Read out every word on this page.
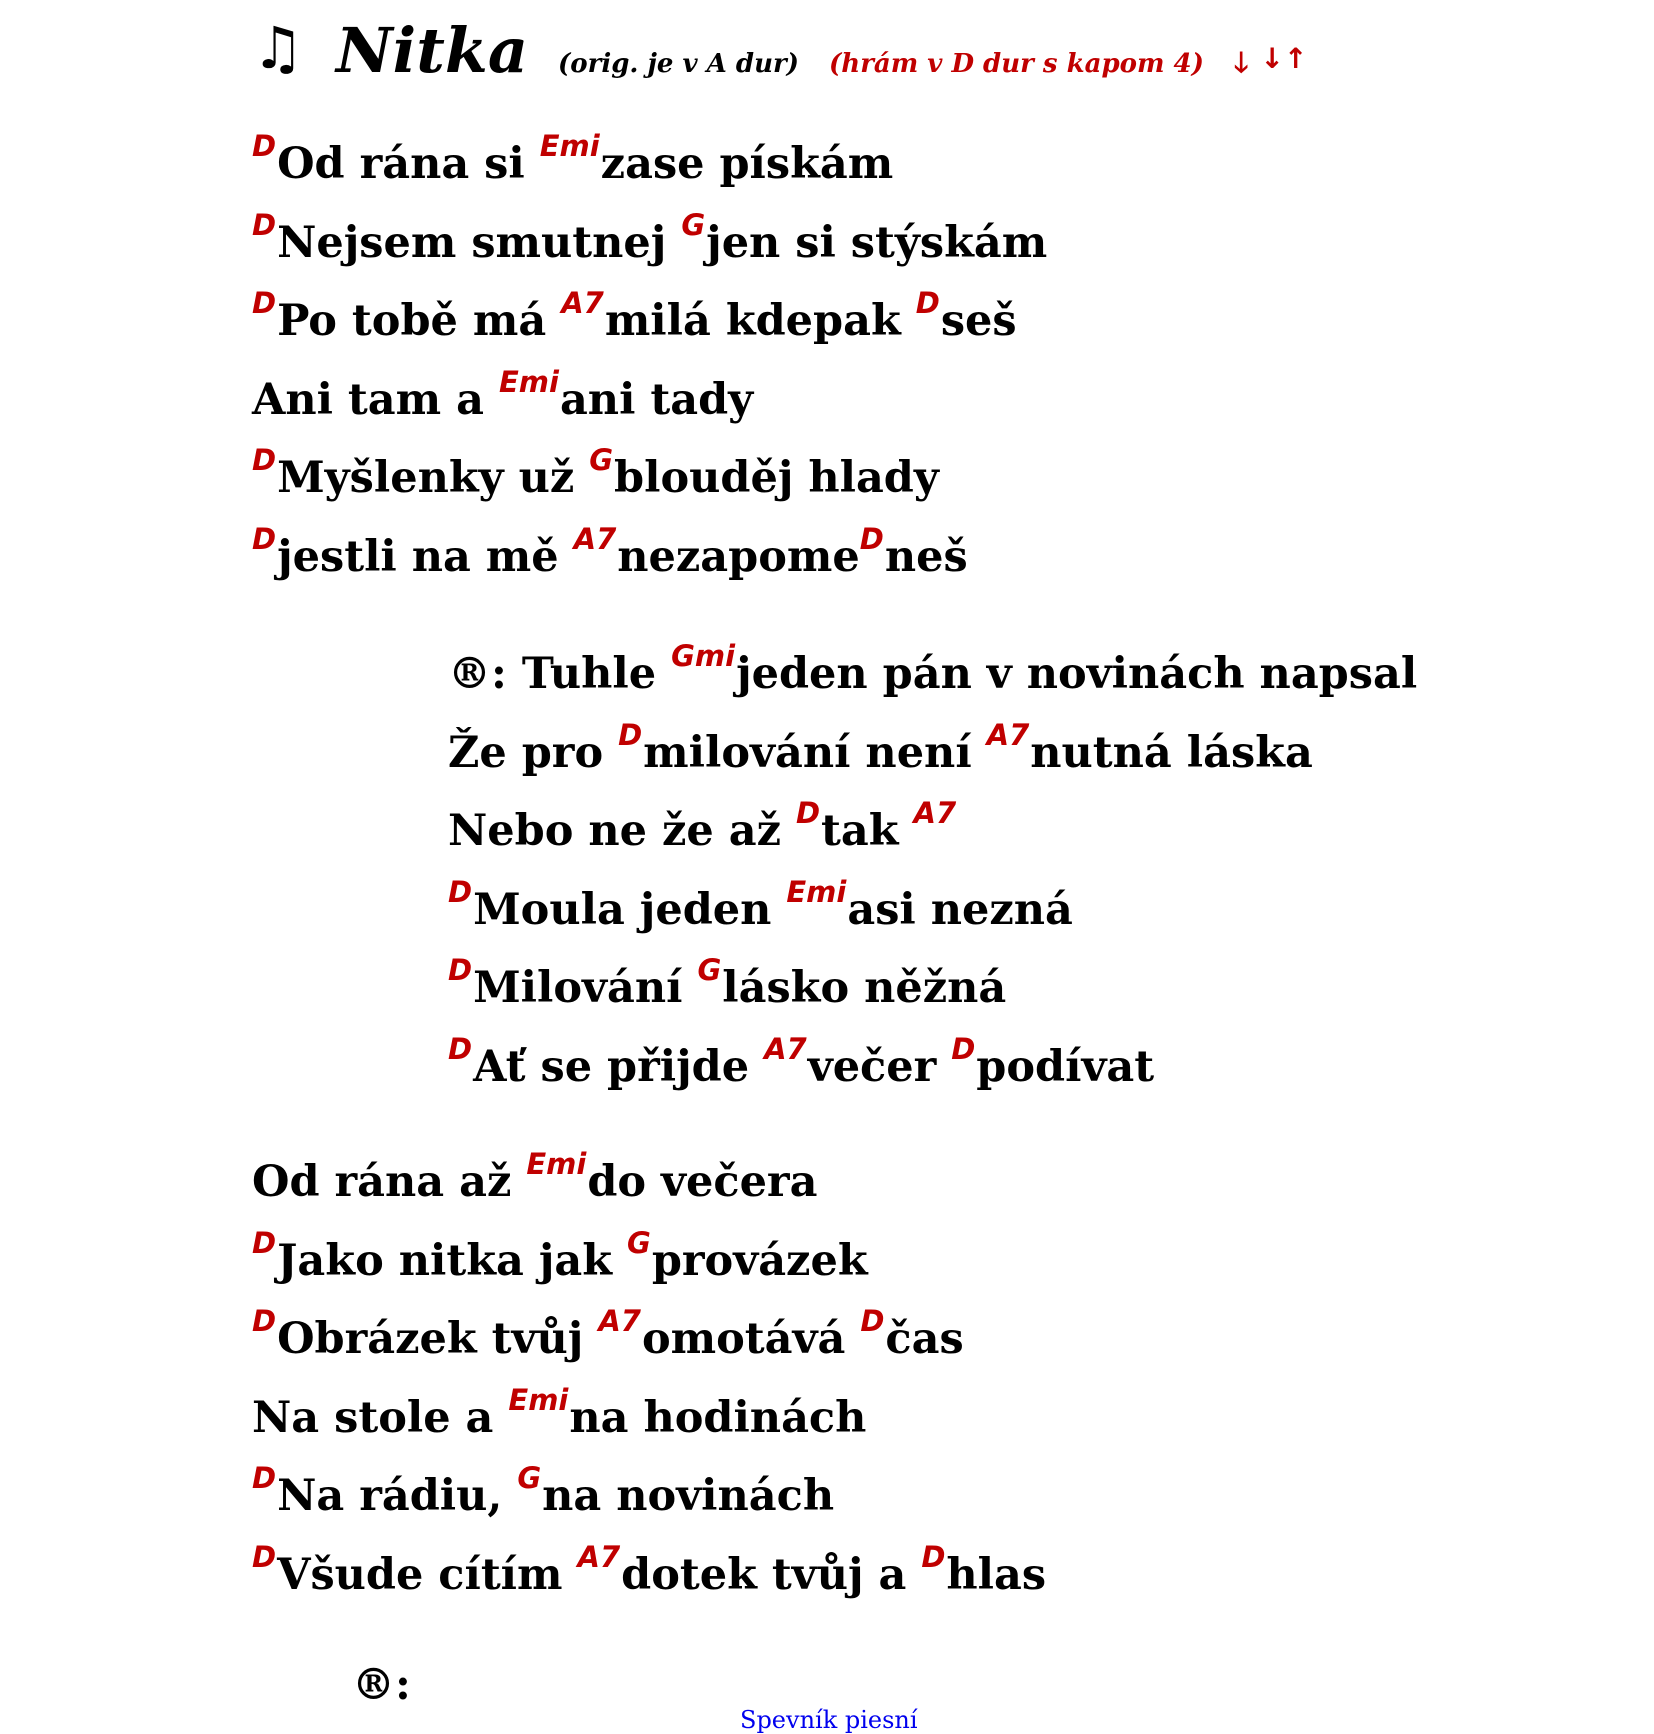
♫ Nitka (orig. je v A dur) (hrám v D dur s kapom 4) 🡓 ↓↑
$^D$Od rána si $^{Emi}$zase pískám
$^D$Nejsem smutnej $^G$jen si stýskám
$^D$Po tobě má $^{A7}$milá kdepak $^D$seš
Ani tam a $^{Emi}$ani tady
$^D$Myšlenky už $^G$blouděj hlady
$^D$jestli na mě $^{A7}$nezapome$^D$neš
®: Tuhle $^{Gmi}$jeden pán v novinách napsal
Že pro $^D$milování není $^{A7}$nutná láska
Nebo ne že až $^D$tak $^{A7}$
$^D$Moula jeden $^{Emi}$asi nezná
$^D$Milování $^G$lásko něžná
$^D$Ať se přijde $^{A7}$večer $^D$podívat
Od rána až $^{Emi}$do večera
$^D$Jako nitka jak $^G$provázek
$^D$Obrázek tvůj $^{A7}$omotává $^D$čas
Na stole a $^{Emi}$na hodinách
$^D$Na rádiu, $^G$na novinách
$^D$Všude cítím $^{A7}$dotek tvůj a $^D$hlas
®:
Spevník piesní
